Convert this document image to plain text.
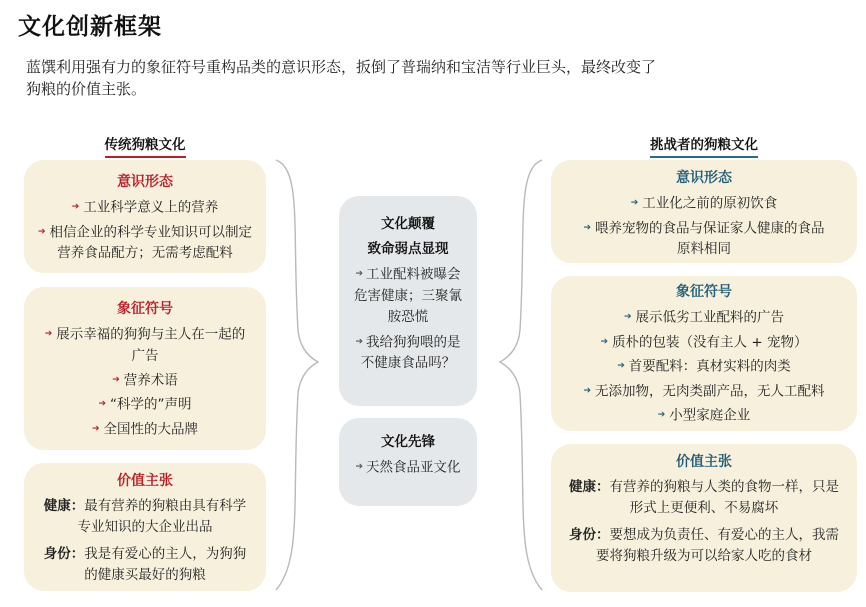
文化创新框架
蓝馔利用强有力的象征符号重构品类的意识形态，扳倒了普瑞纳和宝洁等行业巨头，最终改变了狗粮的价值主张。
传统狗粮文化
意识形态
➔ 工业科学意义上的营养
➔ 相信企业的科学专业知识可以制定营养食品配方；无需考虑配料
象征符号
➔ 展示幸福的狗狗与主人在一起的广告
➔ 营养术语
➔ “科学的”声明
➔ 全国性的大品牌
价值主张
健康：最有营养的狗粮由具有科学专业知识的大企业出品
身份：我是有爱心的主人，为狗狗的健康买最好的狗粮
文化颠覆
致命弱点显现
➔ 工业配料被曝会危害健康；三聚氰胺恐慌
➔ 我给狗狗喂的是不健康食品吗？
文化先锋
➔ 天然食品亚文化
挑战者的狗粮文化
意识形态
➔ 工业化之前的原初饮食
➔ 喂养宠物的食品与保证家人健康的食品原料相同
象征符号
➔ 展示低劣工业配料的广告
➔ 质朴的包装（没有主人 + 宠物）
➔ 首要配料：真材实料的肉类
➔ 无添加物，无肉类副产品，无人工配料
➔ 小型家庭企业
价值主张
健康：有营养的狗粮与人类的食物一样，只是形式上更便利、不易腐坏
身份：要想成为负责任、有爱心的主人，我需要将狗粮升级为可以给家人吃的食材
